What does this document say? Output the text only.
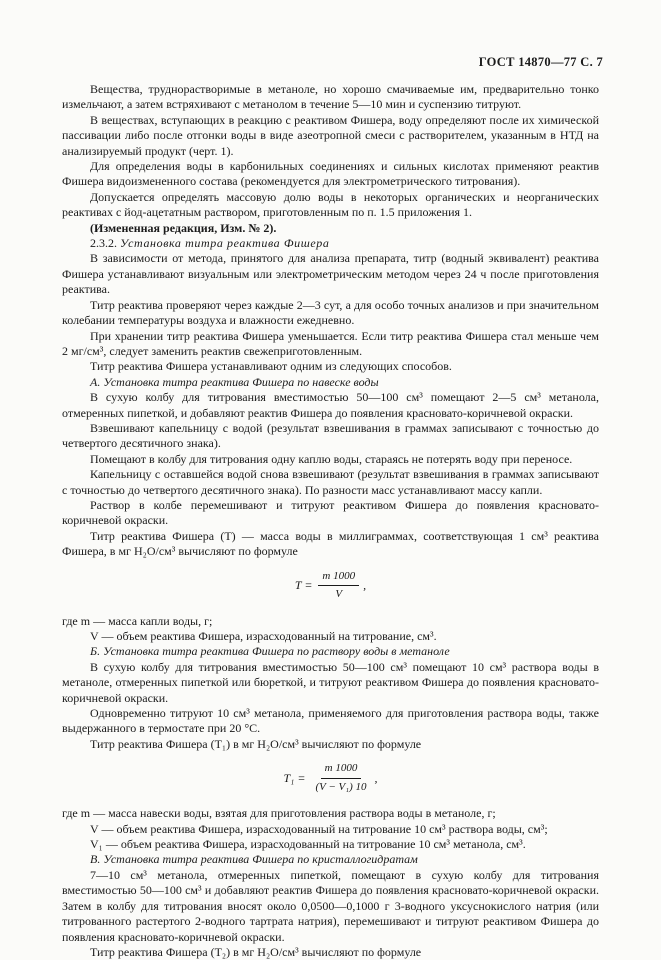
ГОСТ 14870—77 С. 7

Вещества, труднорастворимые в метаноле, но хорошо смачиваемые им, предварительно тонко измельчают, а затем встряхивают с метанолом в течение 5—10 мин и суспензию титруют.

В веществах, вступающих в реакцию с реактивом Фишера, воду определяют после их химической пассивации либо после отгонки воды в виде азеотропной смеси с растворителем, указанным в НТД на анализируемый продукт (черт. 1).

Для определения воды в карбонильных соединениях и сильных кислотах применяют реактив Фишера видоизмененного состава (рекомендуется для электрометрического титрования).

Допускается определять массовую долю воды в некоторых органических и неорганических реактивах с йод-ацетатным раствором, приготовленным по п. 1.5 приложения 1.

(Измененная редакция, Изм. № 2).

2.3.2. Установка титра реактива Фишера

В зависимости от метода, принятого для анализа препарата, титр (водный эквивалент) реактива Фишера устанавливают визуальным или электрометрическим методом через 24 ч после приготовления реактива.

Титр реактива проверяют через каждые 2—3 сут, а для особо точных анализов и при значительном колебании температуры воздуха и влажности ежедневно.

При хранении титр реактива Фишера уменьшается. Если титр реактива Фишера стал меньше чем 2 мг/см³, следует заменить реактив свежеприготовленным.

Титр реактива Фишера устанавливают одним из следующих способов.

А. Установка титра реактива Фишера по навеске воды

В сухую колбу для титрования вместимостью 50—100 см³ помещают 2—5 см³ метанола, отмеренных пипеткой, и добавляют реактив Фишера до появления красновато-коричневой окраски.

Взвешивают капельницу с водой (результат взвешивания в граммах записывают с точностью до четвертого десятичного знака).

Помещают в колбу для титрования одну каплю воды, стараясь не потерять воду при переносе.

Капельницу с оставшейся водой снова взвешивают (результат взвешивания в граммах записывают с точностью до четвертого десятичного знака). По разности масс устанавливают массу капли.

Раствор в колбе перемешивают и титруют реактивом Фишера до появления красновато-коричневой окраски.

Титр реактива Фишера (T) — масса воды в миллиграммах, соответствующая 1 см³ реактива Фишера, в мг H₂O/см³ вычисляют по формуле

$T = \frac{m 1000}{V}$ ,

где m — масса капли воды, г;

V — объем реактива Фишера, израсходованный на титрование, см³.

Б. Установка титра реактива Фишера по раствору воды в метаноле

В сухую колбу для титрования вместимостью 50—100 см³ помещают 10 см³ раствора воды в метаноле, отмеренных пипеткой или бюреткой, и титруют реактивом Фишера до появления красновато-коричневой окраски.

Одновременно титруют 10 см³ метанола, применяемого для приготовления раствора воды, также выдержанного в термостате при 20 °С.

Титр реактива Фишера (T₁) в мг H₂O/см³ вычисляют по формуле

$T_1 = \frac{m 1000}{\text{(V − V₁) 10}}$ ,

где m — масса навески воды, взятая для приготовления раствора воды в метаноле, г;

V — объем реактива Фишера, израсходованный на титрование 10 см³ раствора воды, см³;

V₁ — объем реактива Фишера, израсходованный на титрование 10 см³ метанола, см³.

В. Установка титра реактива Фишера по кристаллогидратам

7—10 см³ метанола, отмеренных пипеткой, помещают в сухую колбу для титрования вместимостью 50—100 см³ и добавляют реактив Фишера до появления красновато-коричневой окраски. Затем в колбу для титрования вносят около 0,0500—0,1000 г 3-водного уксуснокислого натрия (или титрованного растертого 2-водного тартрата натрия), перемешивают и титруют реактивом Фишера до появления красновато-коричневой окраски.

Титр реактива Фишера (T₂) в мг H₂O/см³ вычисляют по формуле
